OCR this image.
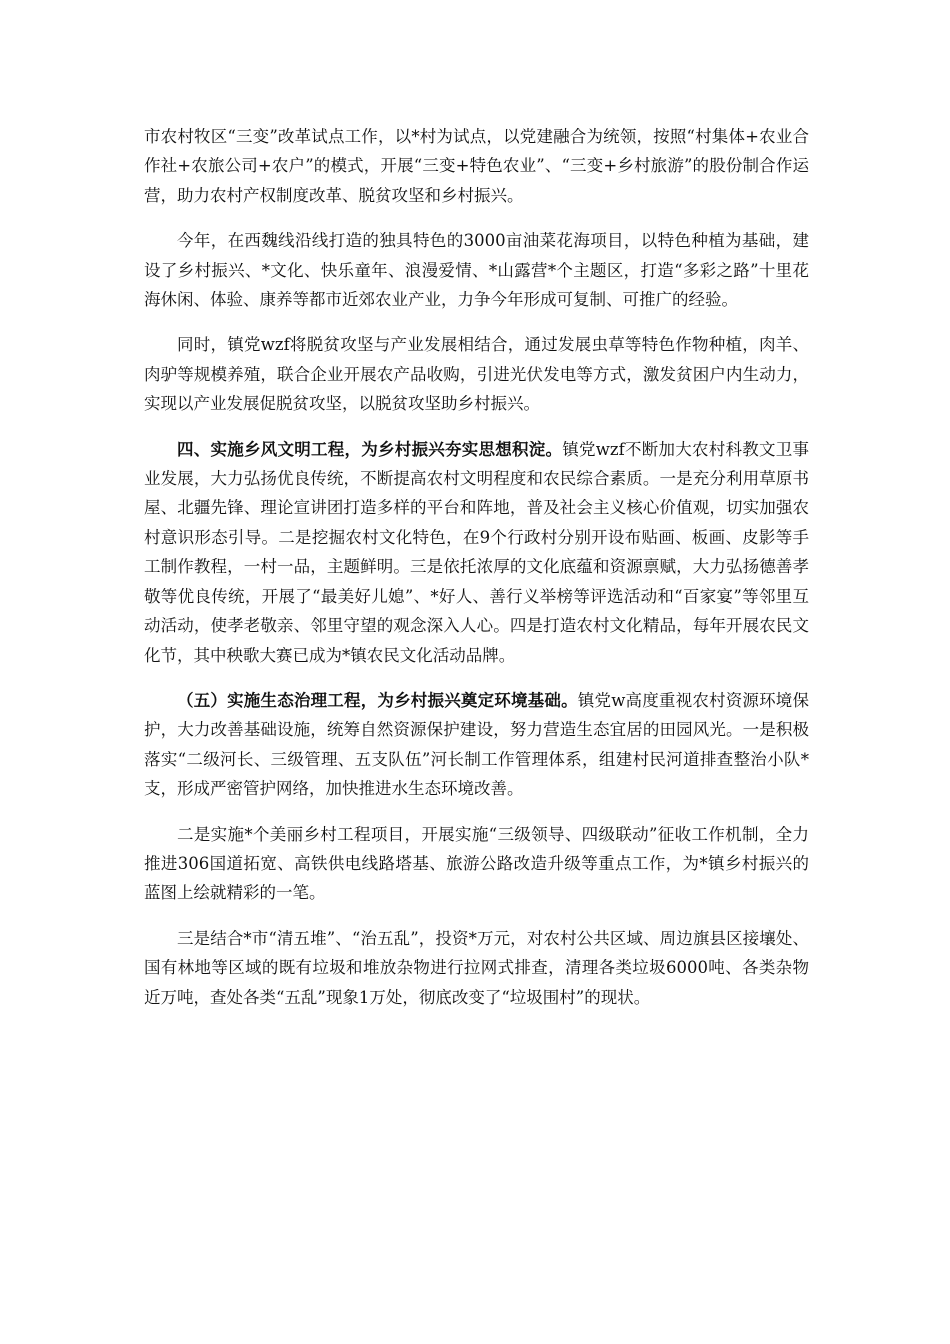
市农村牧区“三变”改革试点工作，以*村为试点，以党建融合为统领，按照“村集体+农业合作社+农旅公司+农户”的模式，开展“三变+特色农业”、“三变+乡村旅游”的股份制合作运营，助力农村产权制度改革、脱贫攻坚和乡村振兴。

今年，在西魏线沿线打造的独具特色的3000亩油菜花海项目，以特色种植为基础，建设了乡村振兴、*文化、快乐童年、浪漫爱情、*山露营*个主题区，打造“多彩之路”十里花海休闲、体验、康养等都市近郊农业产业，力争今年形成可复制、可推广的经验。

同时，镇党wzf将脱贫攻坚与产业发展相结合，通过发展虫草等特色作物种植，肉羊、肉驴等规模养殖，联合企业开展农产品收购，引进光伏发电等方式，激发贫困户内生动力，实现以产业发展促脱贫攻坚，以脱贫攻坚助乡村振兴。

四、实施乡风文明工程，为乡村振兴夯实思想积淀。镇党wzf不断加大农村科教文卫事业发展，大力弘扬优良传统，不断提高农村文明程度和农民综合素质。一是充分利用草原书屋、北疆先锋、理论宣讲团打造多样的平台和阵地，普及社会主义核心价值观，切实加强农村意识形态引导。二是挖掘农村文化特色，在9个行政村分别开设布贴画、板画、皮影等手工制作教程，一村一品，主题鲜明。三是依托浓厚的文化底蕴和资源禀赋，大力弘扬德善孝敬等优良传统，开展了“最美好儿媳”、*好人、善行义举榜等评选活动和“百家宴”等邻里互动活动，使孝老敬亲、邻里守望的观念深入人心。四是打造农村文化精品，每年开展农民文化节，其中秧歌大赛已成为*镇农民文化活动品牌。

（五）实施生态治理工程，为乡村振兴奠定环境基础。镇党w高度重视农村资源环境保护，大力改善基础设施，统筹自然资源保护建设，努力营造生态宜居的田园风光。一是积极落实“二级河长、三级管理、五支队伍”河长制工作管理体系，组建村民河道排查整治小队*支，形成严密管护网络，加快推进水生态环境改善。

二是实施*个美丽乡村工程项目，开展实施“三级领导、四级联动”征收工作机制，全力推进306国道拓宽、高铁供电线路塔基、旅游公路改造升级等重点工作，为*镇乡村振兴的蓝图上绘就精彩的一笔。

三是结合*市“清五堆”、“治五乱”，投资*万元，对农村公共区域、周边旗县区接壤处、国有林地等区域的既有垃圾和堆放杂物进行拉网式排查，清理各类垃圾6000吨、各类杂物近万吨，查处各类“五乱”现象1万处，彻底改变了“垃圾围村”的现状。
